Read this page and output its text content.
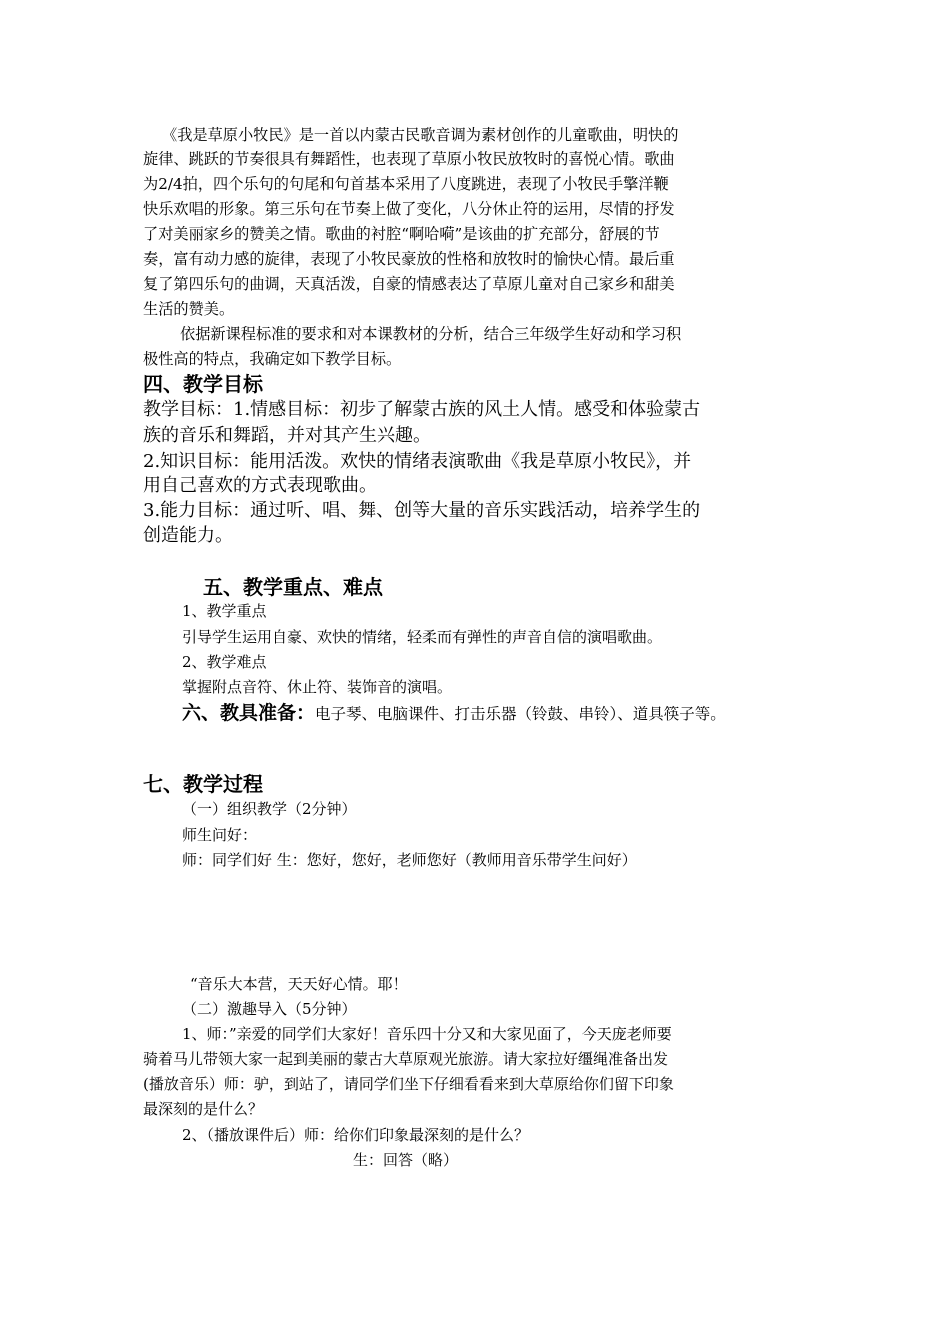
《我是草原小牧民》是一首以内蒙古民歌音调为素材创作的儿童歌曲，明快的
旋律、跳跃的节奏很具有舞蹈性，也表现了草原小牧民放牧时的喜悦心情。歌曲
为2/4拍，四个乐句的句尾和句首基本采用了八度跳进，表现了小牧民手擎洋鞭
快乐欢唱的形象。第三乐句在节奏上做了变化，八分休止符的运用，尽情的抒发
了对美丽家乡的赞美之情。歌曲的衬腔“啊哈嗬”是该曲的扩充部分，舒展的节
奏，富有动力感的旋律，表现了小牧民豪放的性格和放牧时的愉快心情。最后重
复了第四乐句的曲调，天真活泼，自豪的情感表达了草原儿童对自己家乡和甜美
生活的赞美。
依据新课程标准的要求和对本课教材的分析，结合三年级学生好动和学习积
极性高的特点，我确定如下教学目标。
四、教学目标
教学目标：1.情感目标：初步了解蒙古族的风土人情。感受和体验蒙古
族的音乐和舞蹈，并对其产生兴趣。
2.知识目标：能用活泼。欢快的情绪表演歌曲《我是草原小牧民》，并
用自己喜欢的方式表现歌曲。
3.能力目标：通过听、唱、舞、创等大量的音乐实践活动，培养学生的
创造能力。
五、教学重点、难点
1、教学重点
引导学生运用自豪、欢快的情绪，轻柔而有弹性的声音自信的演唱歌曲。
2、教学难点
掌握附点音符、休止符、装饰音的演唱。
六、教具准备：电子琴、电脑课件、打击乐器（铃鼓、串铃）、道具筷子等。
七、教学过程
（一）组织教学（2分钟）
师生问好：
师：同学们好 生：您好，您好，老师您好（教师用音乐带学生问好）
“音乐大本营，天天好心情。耶！
（二）激趣导入（5分钟）
1、师：”亲爱的同学们大家好！音乐四十分又和大家见面了，今天庞老师要
骑着马儿带领大家一起到美丽的蒙古大草原观光旅游。请大家拉好缰绳准备出发
(播放音乐）师：驴，到站了，请同学们坐下仔细看看来到大草原给你们留下印象
最深刻的是什么？
2、（播放课件后）师：给你们印象最深刻的是什么？
生：回答（略）
